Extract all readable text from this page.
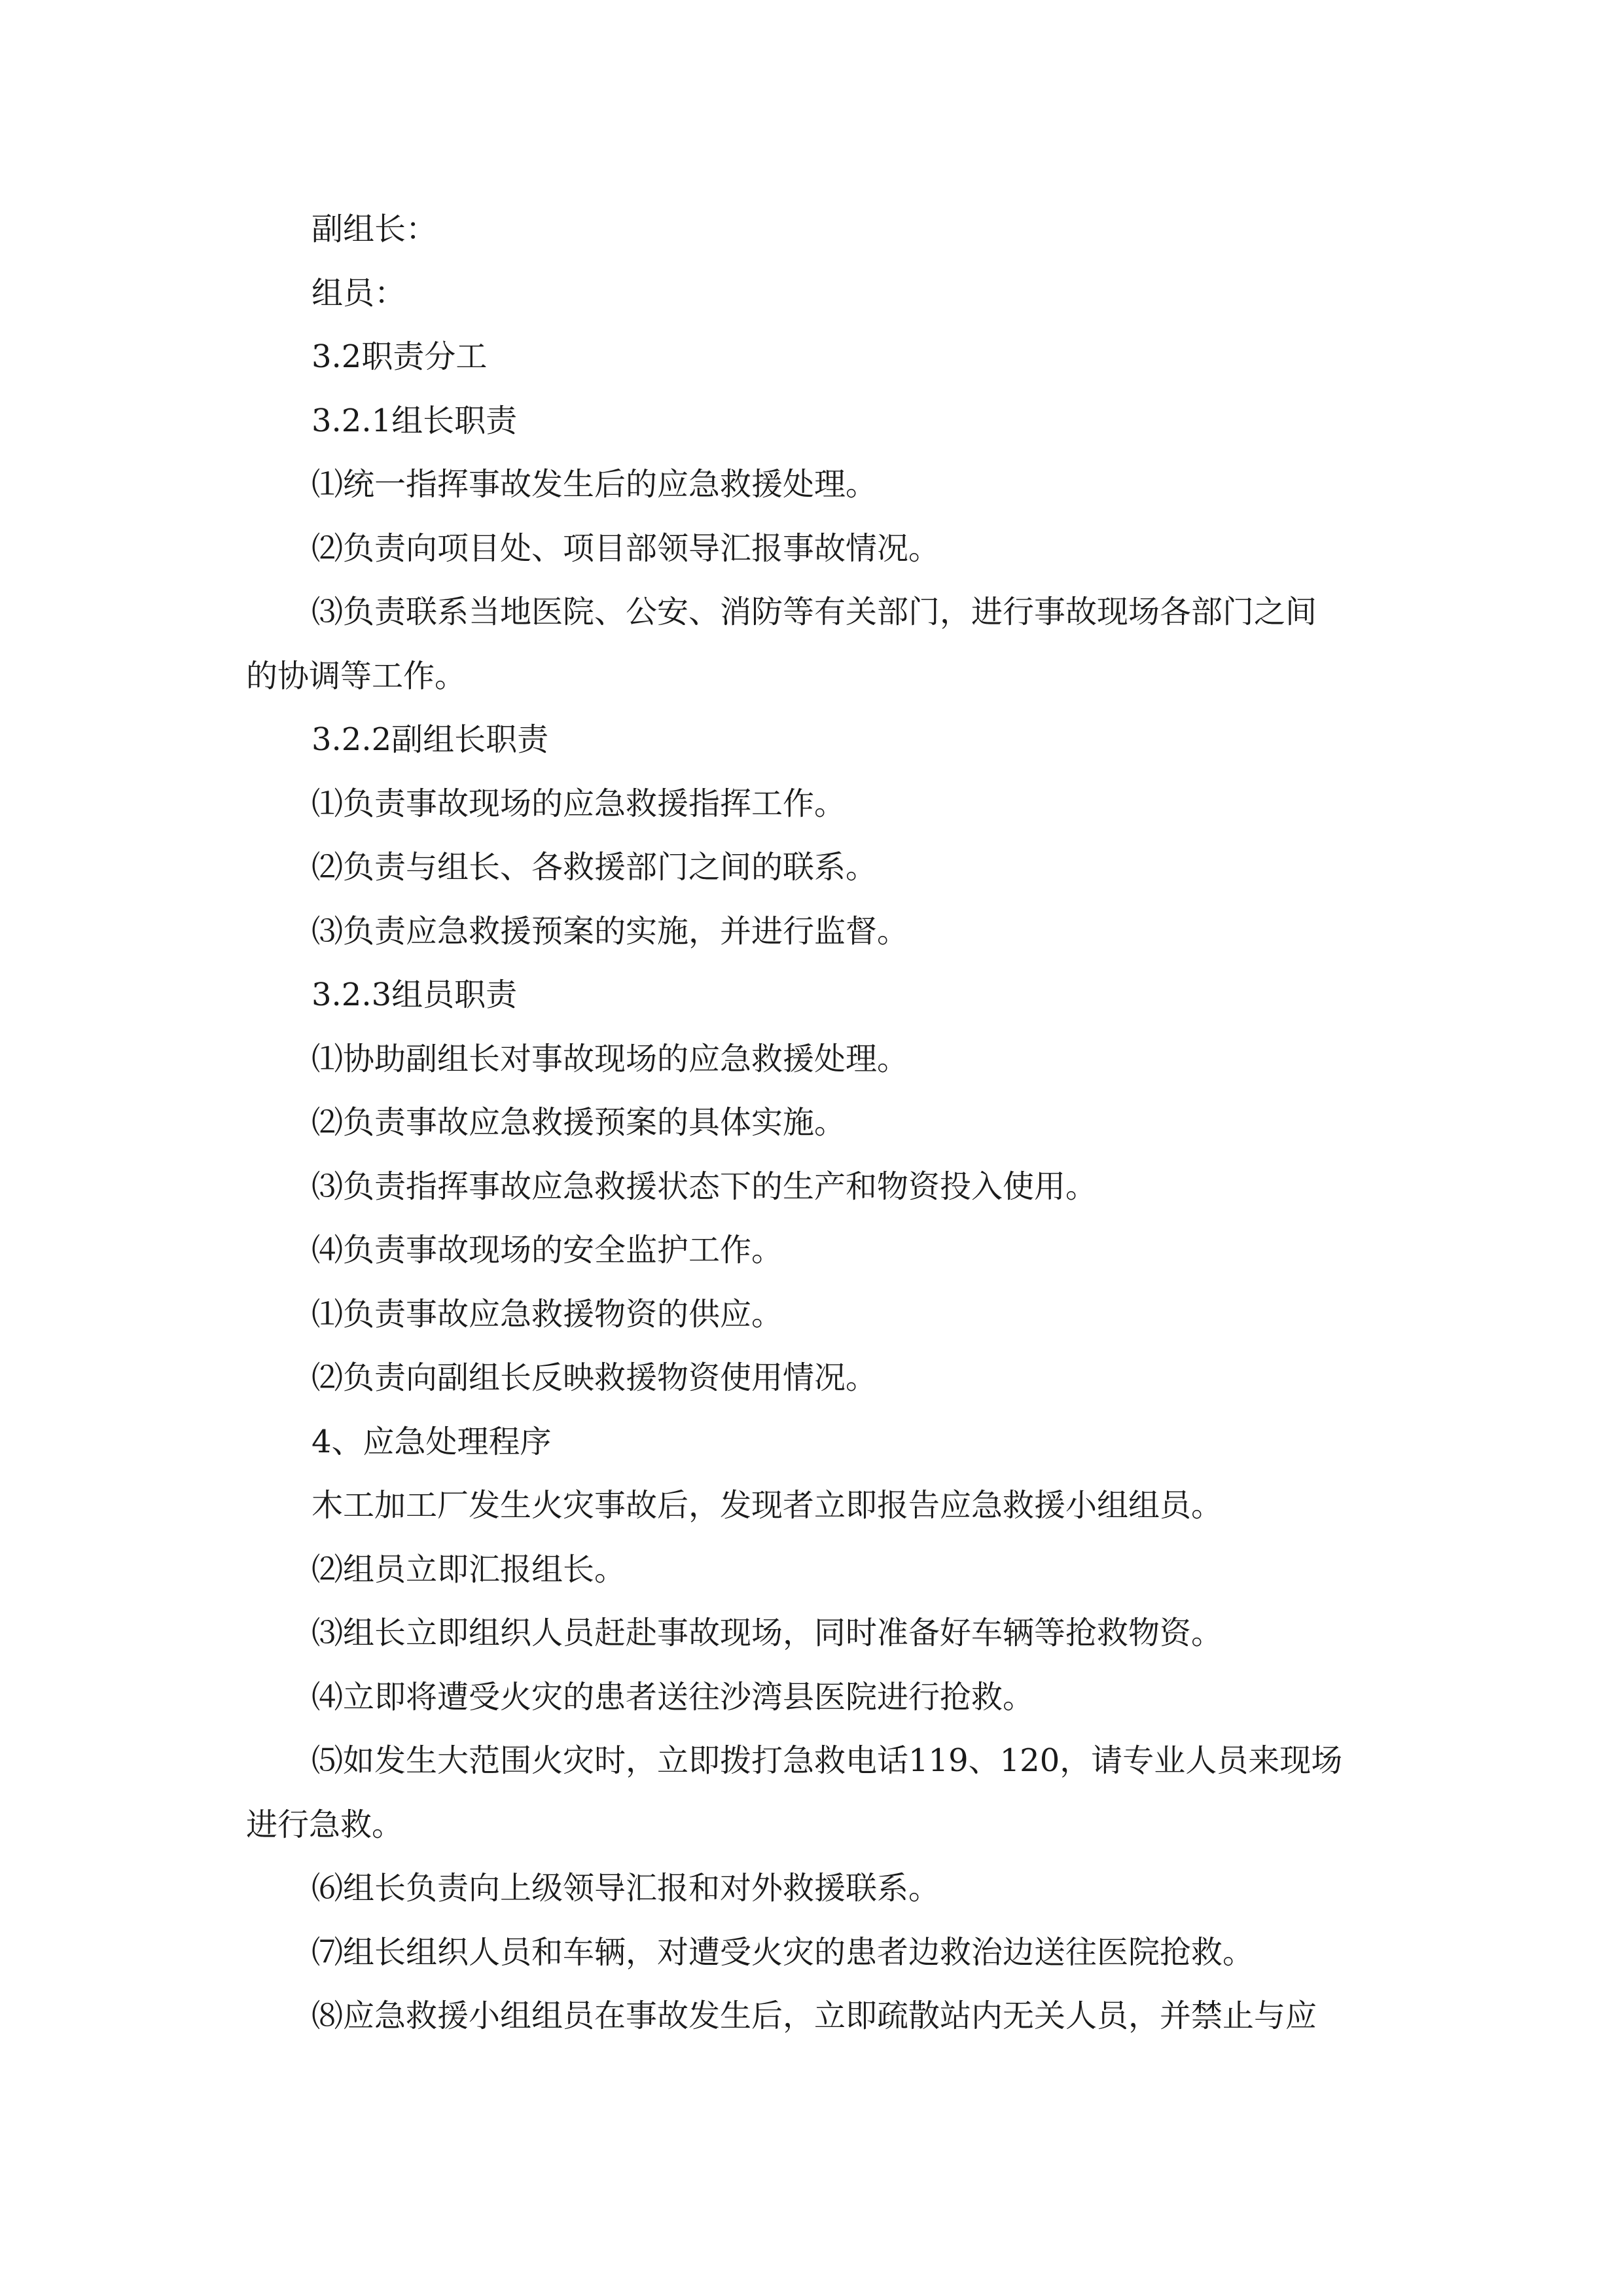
副组长：
组员：
3.2职责分工
3.2.1组长职责
⑴统一指挥事故发生后的应急救援处理。
⑵负责向项目处、项目部领导汇报事故情况。
⑶负责联系当地医院、公安、消防等有关部门，进行事故现场各部门之间
的协调等工作。
3.2.2副组长职责
⑴负责事故现场的应急救援指挥工作。
⑵负责与组长、各救援部门之间的联系。
⑶负责应急救援预案的实施，并进行监督。
3.2.3组员职责
⑴协助副组长对事故现场的应急救援处理。
⑵负责事故应急救援预案的具体实施。
⑶负责指挥事故应急救援状态下的生产和物资投入使用。
⑷负责事故现场的安全监护工作。
⑴负责事故应急救援物资的供应。
⑵负责向副组长反映救援物资使用情况。
4、应急处理程序
木工加工厂发生火灾事故后，发现者立即报告应急救援小组组员。
⑵组员立即汇报组长。
⑶组长立即组织人员赶赴事故现场，同时准备好车辆等抢救物资。
⑷立即将遭受火灾的患者送往沙湾县医院进行抢救。
⑸如发生大范围火灾时，立即拨打急救电话119、120，请专业人员来现场
进行急救。
⑹组长负责向上级领导汇报和对外救援联系。
⑺组长组织人员和车辆，对遭受火灾的患者边救治边送往医院抢救。
⑻应急救援小组组员在事故发生后，立即疏散站内无关人员，并禁止与应
